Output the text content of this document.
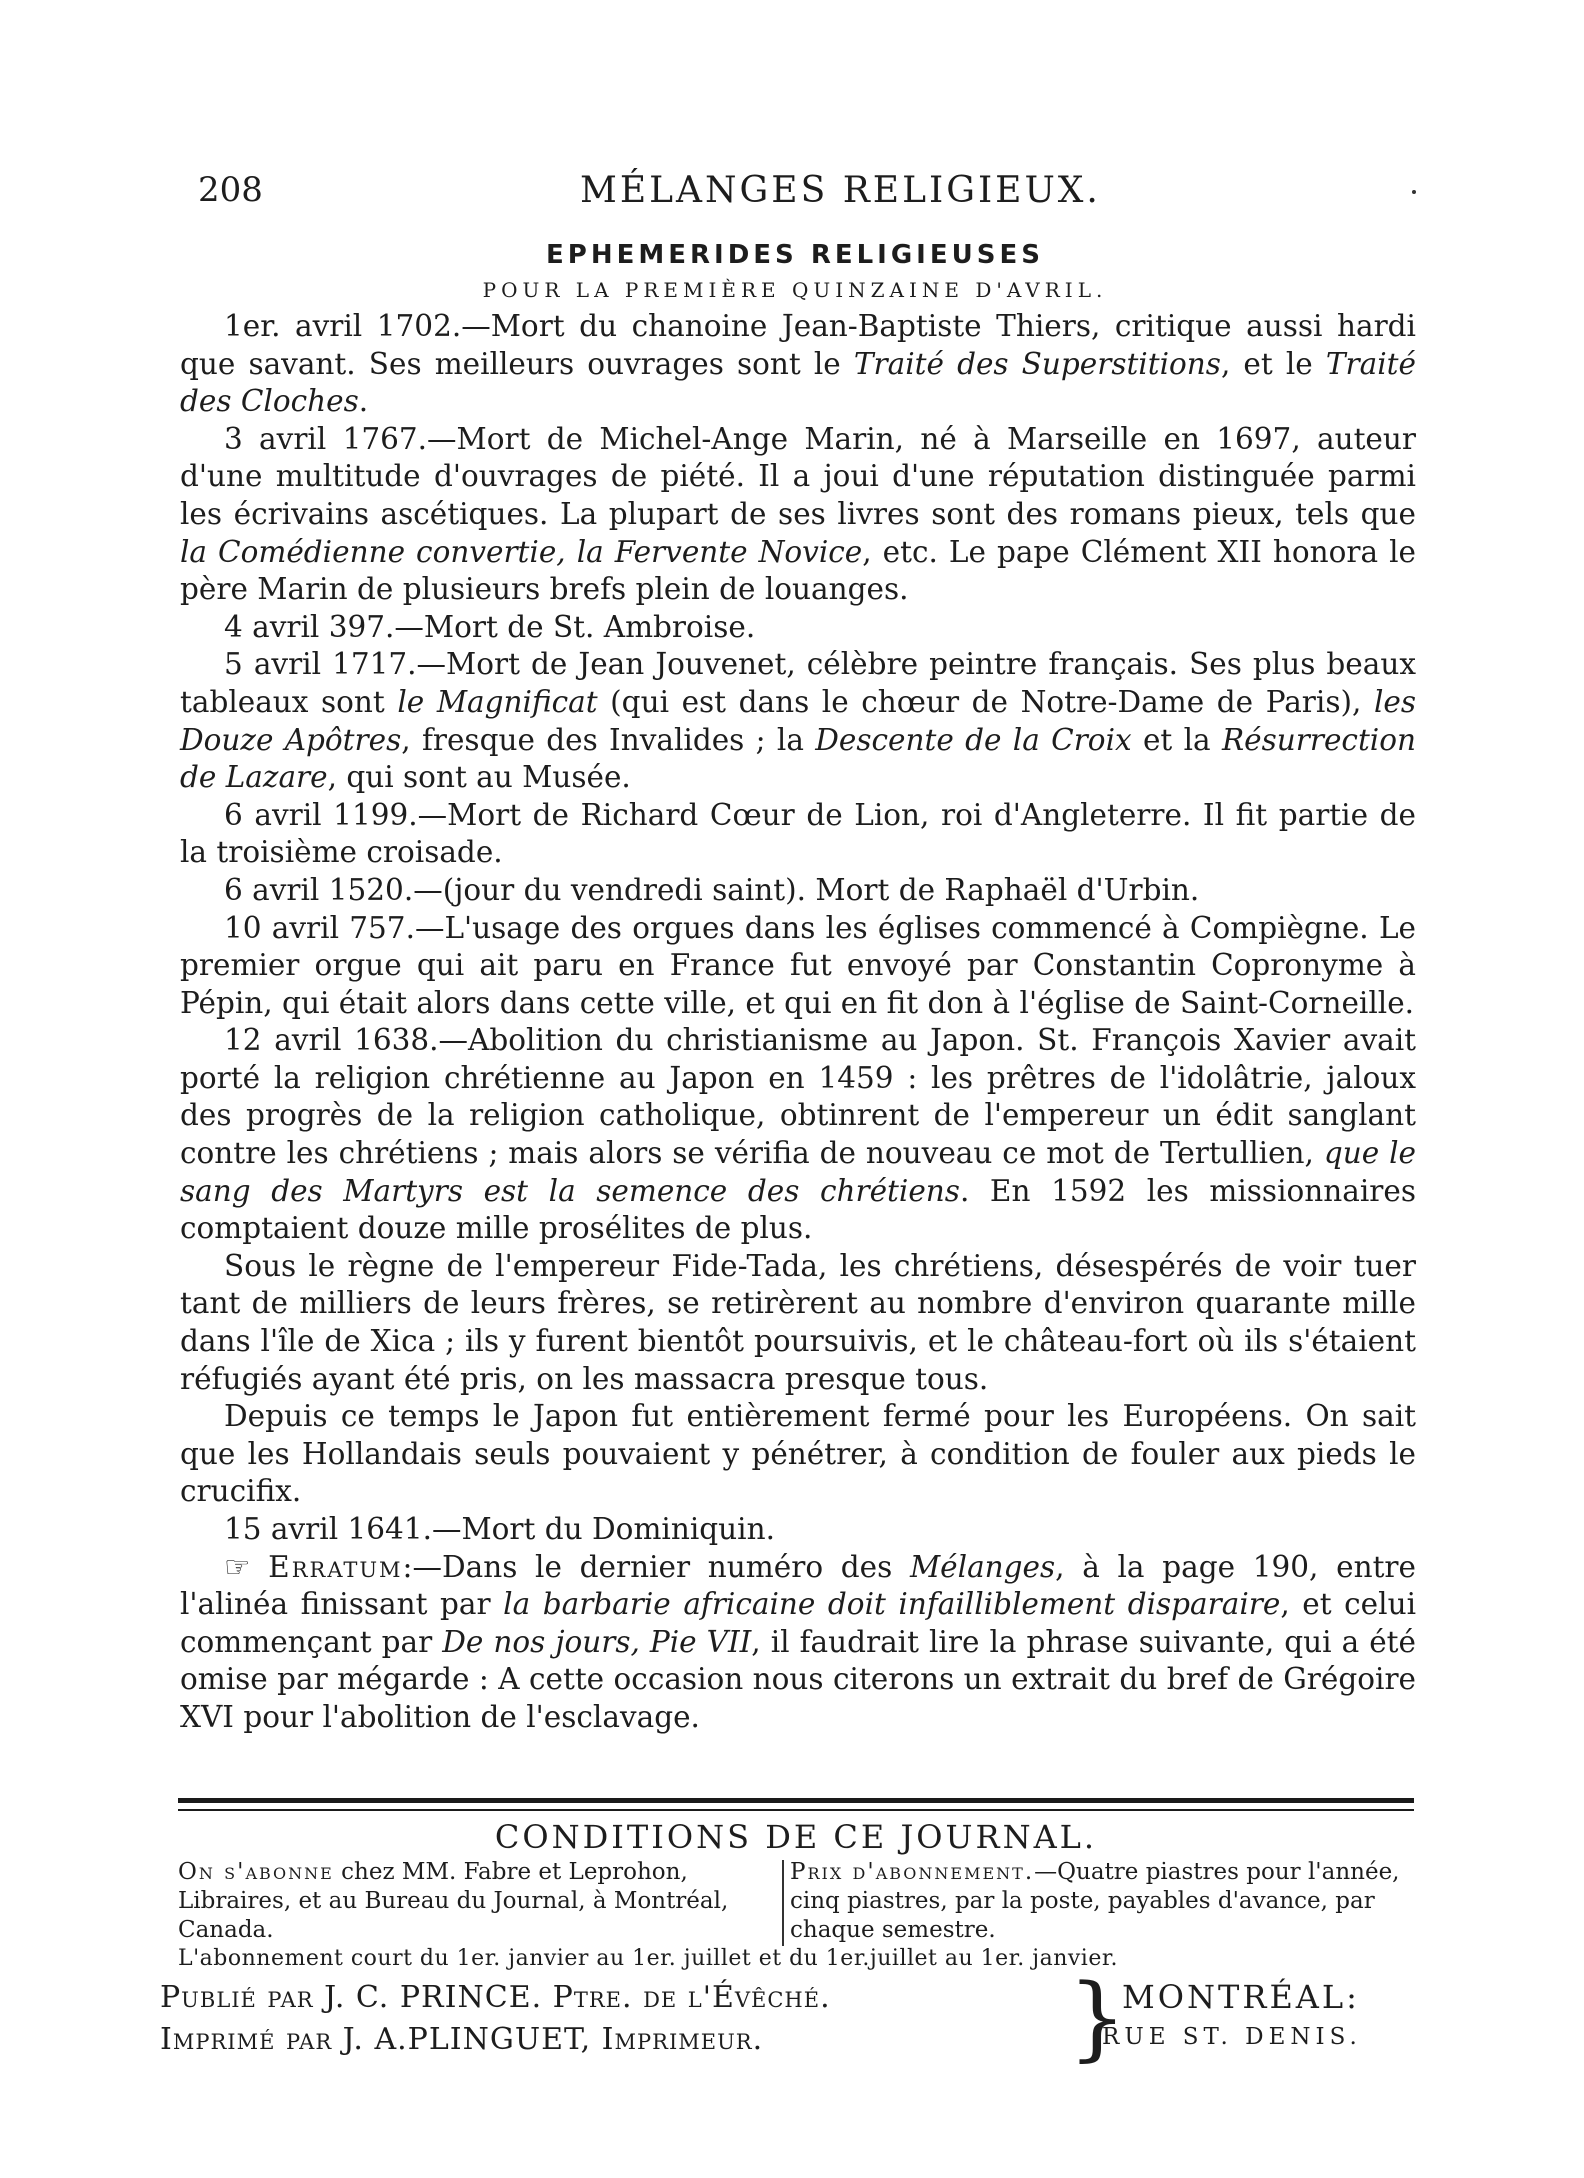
208	MÉLANGES RELIGIEUX.
EPHEMERIDES RELIGIEUSES
POUR LA PREMIÈRE QUINZAINE D'AVRIL.

1er. avril 1702.—Mort du chanoine Jean-Baptiste Thiers, critique aussi hardi que savant. Ses meilleurs ouvrages sont le Traité des Superstitions, et le Traité des Cloches.

3 avril 1767.—Mort de Michel-Ange Marin, né à Marseille en 1697, auteur d'une multitude d'ouvrages de piété. Il a joui d'une réputation distinguée parmi les écrivains ascétiques. La plupart de ses livres sont des romans pieux, tels que la Comédienne convertie, la Fervente Novice, etc. Le pape Clément XII honora le père Marin de plusieurs brefs plein de louanges.

4 avril 397.—Mort de St. Ambroise.

5 avril 1717.—Mort de Jean Jouvenet, célèbre peintre français. Ses plus beaux tableaux sont le Magnificat (qui est dans le chœur de Notre-Dame de Paris), les Douze Apôtres, fresque des Invalides ; la Descente de la Croix et la Résurrection de Lazare, qui sont au Musée.

6 avril 1199.—Mort de Richard Cœur de Lion, roi d'Angleterre. Il fit partie de la troisième croisade.

6 avril 1520.—(jour du vendredi saint). Mort de Raphaël d'Urbin.

10 avril 757.—L'usage des orgues dans les églises commencé à Compiègne. Le premier orgue qui ait paru en France fut envoyé par Constantin Copronyme à Pépin, qui était alors dans cette ville, et qui en fit don à l'église de Saint-Corneille.

12 avril 1638.—Abolition du christianisme au Japon. St. François Xavier avait porté la religion chrétienne au Japon en 1459 : les prêtres de l'idolâtrie, jaloux des progrès de la religion catholique, obtinrent de l'empereur un édit sanglant contre les chrétiens ; mais alors se vérifia de nouveau ce mot de Tertullien, que le sang des Martyrs est la semence des chrétiens. En 1592 les missionnaires comptaient douze mille prosélites de plus.

Sous le règne de l'empereur Fide-Tada, les chrétiens, désespérés de voir tuer tant de milliers de leurs frères, se retirèrent au nombre d'environ quarante mille dans l'île de Xica ; ils y furent bientôt poursuivis, et le château-fort où ils s'étaient réfugiés ayant été pris, on les massacra presque tous.

Depuis ce temps le Japon fut entièrement fermé pour les Européens. On sait que les Hollandais seuls pouvaient y pénétrer, à condition de fouler aux pieds le crucifix.

15 avril 1641.—Mort du Dominiquin.

☞ Erratum:—Dans le dernier numéro des Mélanges, à la page 190, entre l'alinéa finissant par la barbarie africaine doit infailliblement disparaire, et celui commençant par De nos jours, Pie VII, il faudrait lire la phrase suivante, qui a été omise par mégarde : A cette occasion nous citerons un extrait du bref de Grégoire XVI pour l'abolition de l'esclavage.

CONDITIONS DE CE JOURNAL.
On s'abonne chez MM. Fabre et Leprohon, Libraires, et au Bureau du Journal, à Montréal, Canada.
Prix d'abonnement.—Quatre piastres pour l'année, cinq piastres, par la poste, payables d'avance, par chaque semestre.
L'abonnement court du 1er. janvier au 1er. juillet et du 1er.juillet au 1er. janvier.
Publié par J. C. PRINCE. Ptre. de l'Évêché.
Imprimé par J. A.PLINGUET, Imprimeur.	}
MONTRÉAL:
RUE ST. DENIS.
